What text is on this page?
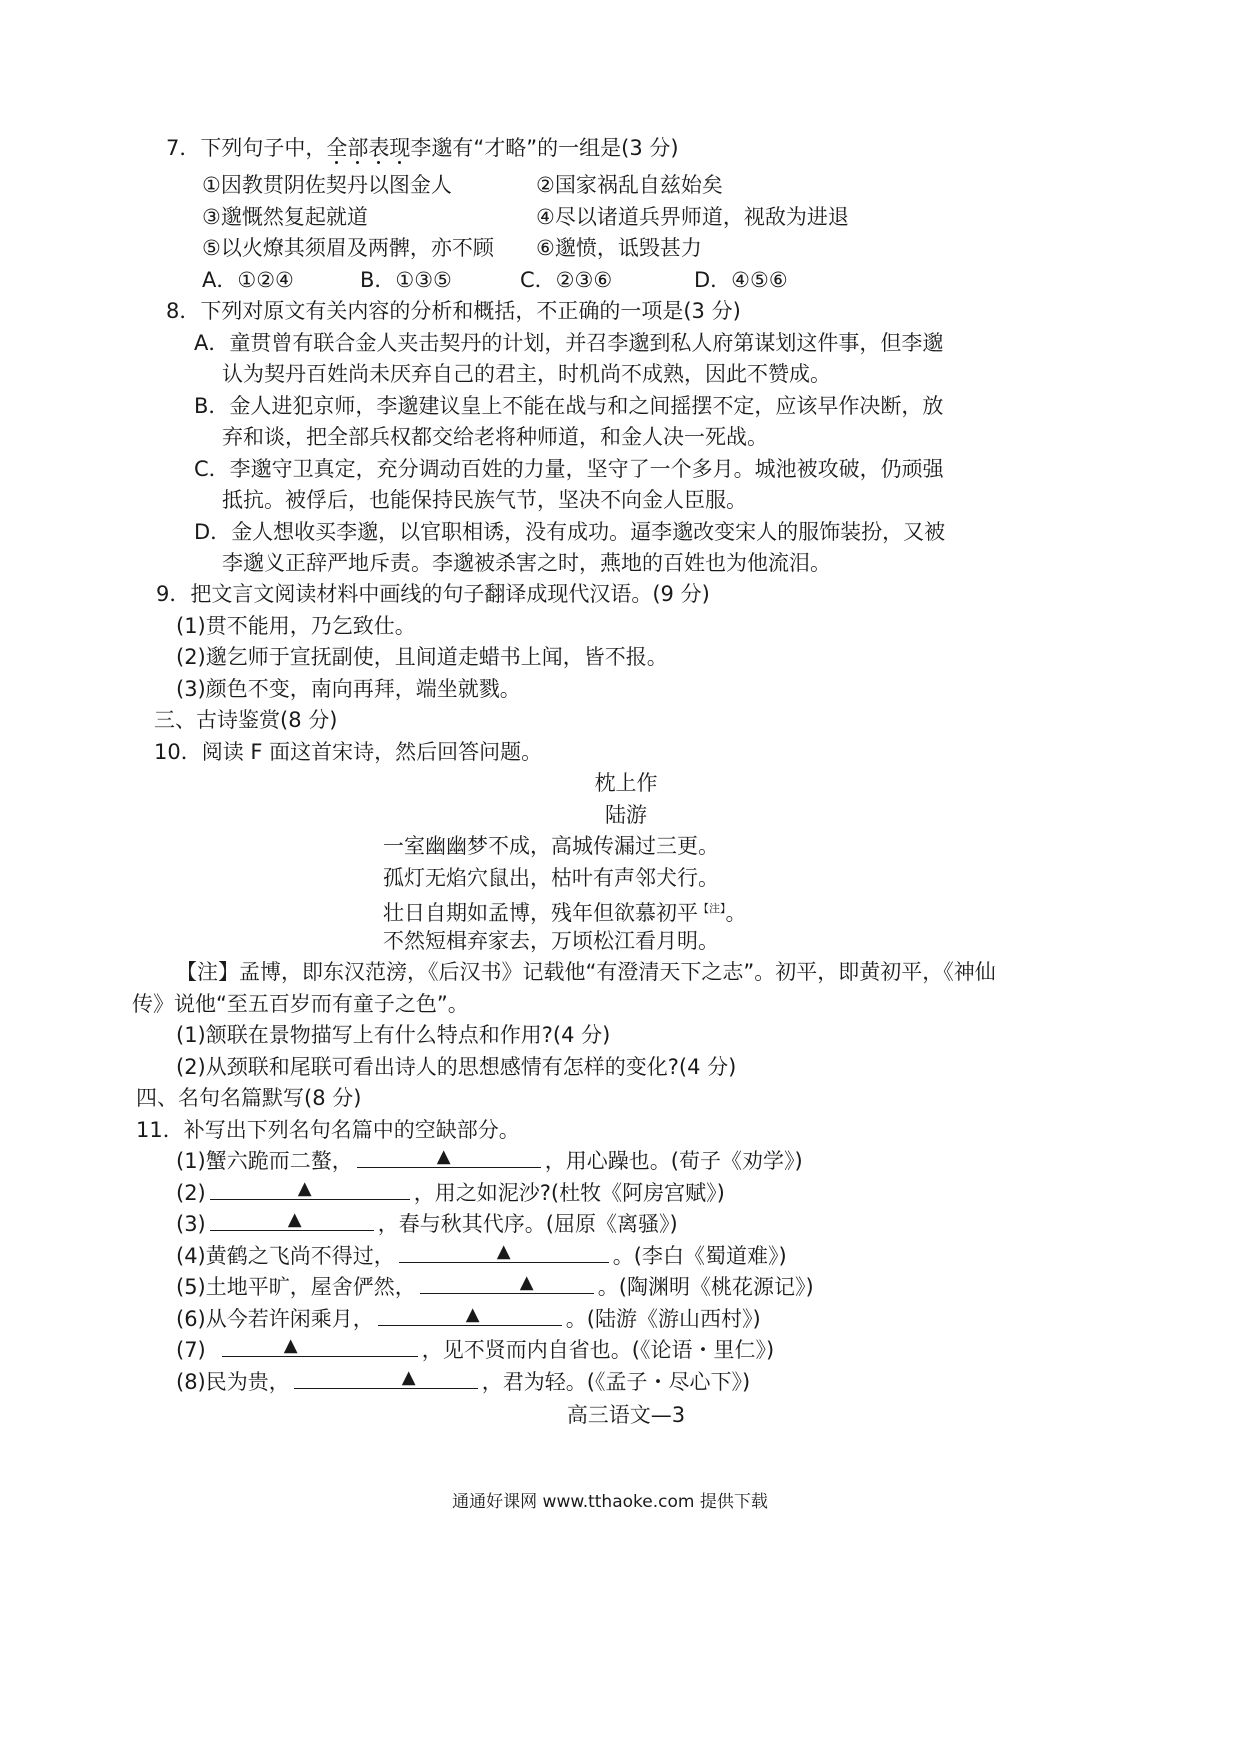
7．下列句子中，全部表现李邈有“才略”的一组是(3 分)
①因教贯阴佐契丹以图金人	②国家祸乱自兹始矣
③邈慨然复起就道	④尽以诸道兵畀师道，视敌为进退
⑤以火燎其须眉及两髀，亦不顾 ⑥邈愤，诋毁甚力
A．①②④	B．①③⑤	C．②③⑥	D．④⑤⑥
8．下列对原文有关内容的分析和概括，不正确的一项是(3 分)
A．童贯曾有联合金人夹击契丹的计划，并召李邈到私人府第谋划这件事，但李邈
认为契丹百姓尚未厌弃自己的君主，时机尚不成熟，因此不赞成。
B．金人进犯京师，李邈建议皇上不能在战与和之间摇摆不定，应该早作决断，放
弃和谈，把全部兵权都交给老将种师道，和金人决一死战。
C．李邈守卫真定，充分调动百姓的力量，坚守了一个多月。城池被攻破，仍顽强
抵抗。被俘后，也能保持民族气节，坚决不向金人臣服。
D．金人想收买李邈，以官职相诱，没有成功。逼李邈改变宋人的服饰装扮，又被
李邈义正辞严地斥责。李邈被杀害之时，燕地的百姓也为他流泪。
9．把文言文阅读材料中画线的句子翻译成现代汉语。(9 分)
(1)贯不能用，乃乞致仕。
(2)邈乞师于宣抚副使，且间道走蜡书上闻，皆不报。
(3)颜色不变，南向再拜，端坐就戮。
三、古诗鉴赏(8 分)
10．阅读 F 面这首宋诗，然后回答问题。
枕上作
陆游
一室幽幽梦不成，高城传漏过三更。
孤灯无焰穴鼠出，枯叶有声邻犬行。
壮日自期如孟博，残年但欲慕初平$^{【注】}$。
不然短楫弃家去，万顷松江看月明。
【注】孟博，即东汉范滂，《后汉书》记载他“有澄清天下之志”。初平，即黄初平，《神仙
传》说他“至五百岁而有童子之色”。
(1)颔联在景物描写上有什么特点和作用?(4 分)
(2)从颈联和尾联可看出诗人的思想感情有怎样的变化?(4 分)
四、名句名篇默写(8 分)
11．补写出下列名句名篇中的空缺部分。
(1)蟹六跪而二螯，	▲	，用心躁也。(荀子《劝学》)
(2)	▲	，用之如泥沙?(杜牧《阿房宫赋》)
(3)	▲	，春与秋其代序。(屈原《离骚》)
(4)黄鹤之飞尚不得过，	▲	。(李白《蜀道难》)
(5)土地平旷，屋舍俨然，	▲	。(陶渊明《桃花源记》)
(6)从今若许闲乘月，	▲	。(陆游《游山西村》)
(7)	▲	，见不贤而内自省也。(《论语・里仁》)
(8)民为贵，	▲	，君为轻。(《孟子・尽心下》)
高三语文—3
通通好课网 www.tthaoke.com 提供下载
